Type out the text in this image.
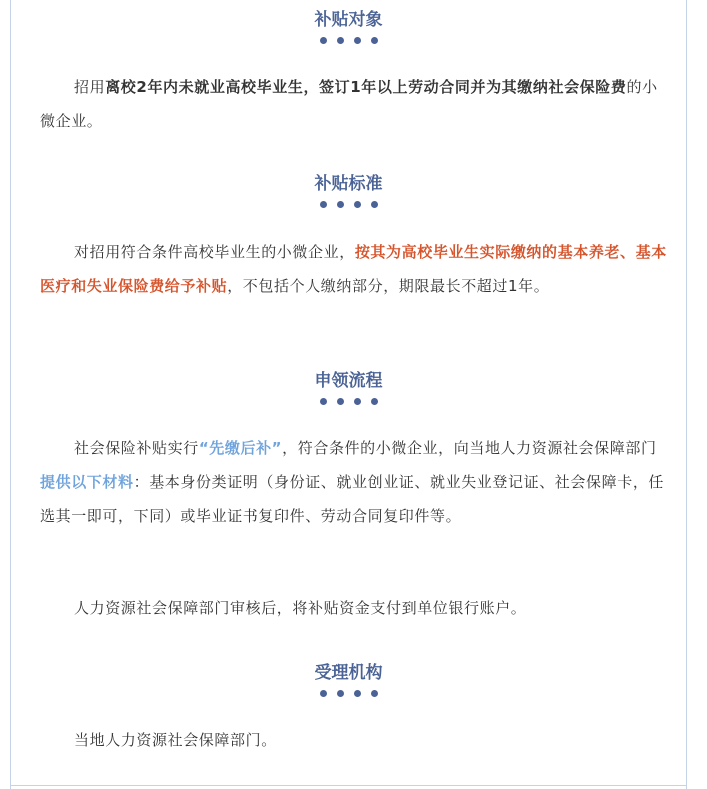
补贴对象

招用离校2年内未就业高校毕业生，签订1年以上劳动合同并为其缴纳社会保险费的小微企业。

补贴标准

对招用符合条件高校毕业生的小微企业，按其为高校毕业生实际缴纳的基本养老、基本医疗和失业保险费给予补贴，不包括个人缴纳部分，期限最长不超过1年。

申领流程

社会保险补贴实行“先缴后补”，符合条件的小微企业，向当地人力资源社会保障部门提供以下材料：基本身份类证明（身份证、就业创业证、就业失业登记证、社会保障卡，任选其一即可，下同）或毕业证书复印件、劳动合同复印件等。

人力资源社会保障部门审核后，将补贴资金支付到单位银行账户。

受理机构

当地人力资源社会保障部门。
